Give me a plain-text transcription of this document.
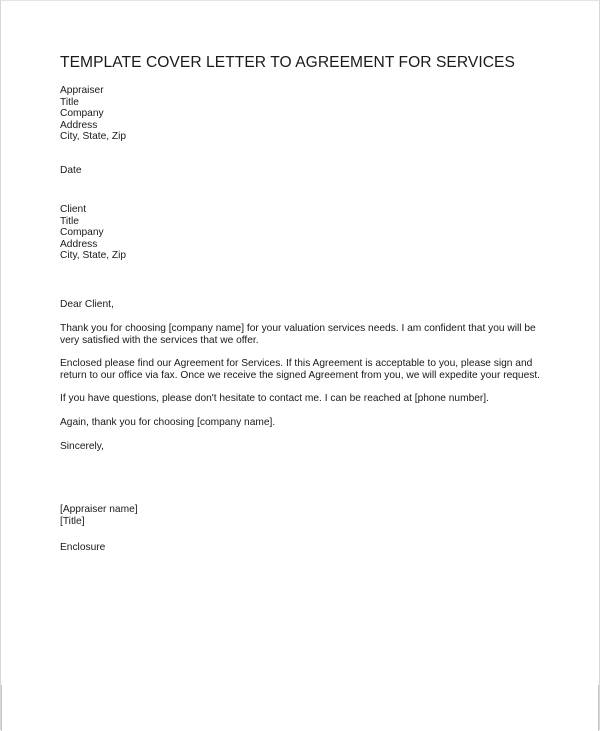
TEMPLATE COVER LETTER TO AGREEMENT FOR SERVICES
Appraiser
Title
Company
Address
City, State, Zip
Date
Client
Title
Company
Address
City, State, Zip
Dear Client,

Thank you for choosing [company name] for your valuation services needs. I am confident that you will be very satisfied with the services that we offer.

Enclosed please find our Agreement for Services. If this Agreement is acceptable to you, please sign and return to our office via fax. Once we receive the signed Agreement from you, we will expedite your request.

If you have questions, please don't hesitate to contact me. I can be reached at [phone number].

Again, thank you for choosing [company name].

Sincerely,
[Appraiser name]
[Title]
Enclosure
